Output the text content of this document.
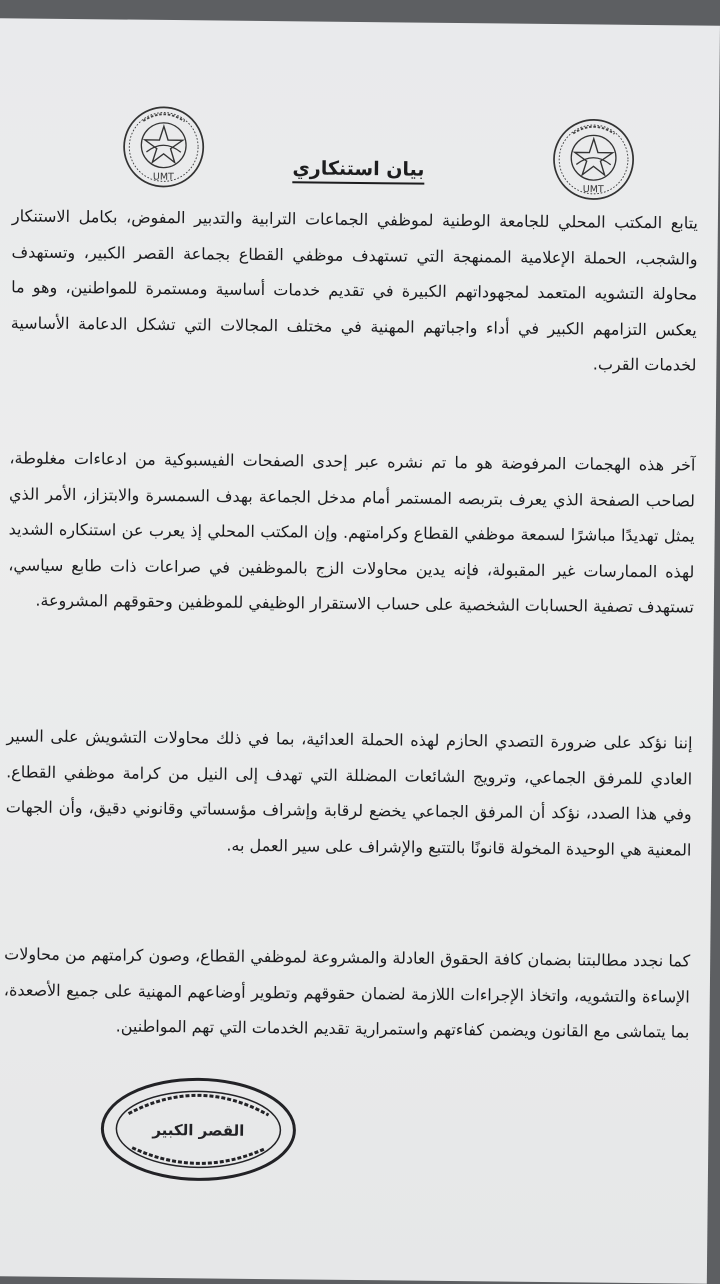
UMT
UMT
بيان استنكاري

يتابع المكتب المحلي للجامعة الوطنية لموظفي الجماعات الترابية والتدبير المفوض، بكامل الاستنكار والشجب، الحملة الإعلامية الممنهجة التي تستهدف موظفي القطاع بجماعة القصر الكبير، وتستهدف محاولة التشويه المتعمد لمجهوداتهم الكبيرة في تقديم خدمات أساسية ومستمرة للمواطنين، وهو ما يعكس التزامهم الكبير في أداء واجباتهم المهنية في مختلف المجالات التي تشكل الدعامة الأساسية لخدمات القرب.

آخر هذه الهجمات المرفوضة هو ما تم نشره عبر إحدى الصفحات الفيسبوكية من ادعاءات مغلوطة، لصاحب الصفحة الذي يعرف بتربصه المستمر أمام مدخل الجماعة بهدف السمسرة والابتزاز، الأمر الذي يمثل تهديدًا مباشرًا لسمعة موظفي القطاع وكرامتهم. وإن المكتب المحلي إذ يعرب عن استنكاره الشديد لهذه الممارسات غير المقبولة، فإنه يدين محاولات الزج بالموظفين في صراعات ذات طابع سياسي، تستهدف تصفية الحسابات الشخصية على حساب الاستقرار الوظيفي للموظفين وحقوقهم المشروعة.

إننا نؤكد على ضرورة التصدي الحازم لهذه الحملة العدائية، بما في ذلك محاولات التشويش على السير العادي للمرفق الجماعي، وترويج الشائعات المضللة التي تهدف إلى النيل من كرامة موظفي القطاع. وفي هذا الصدد، نؤكد أن المرفق الجماعي يخضع لرقابة وإشراف مؤسساتي وقانوني دقيق، وأن الجهات المعنية هي الوحيدة المخولة قانونًا بالتتبع والإشراف على سير العمل به.

كما نجدد مطالبتنا بضمان كافة الحقوق العادلة والمشروعة لموظفي القطاع، وصون كرامتهم من محاولات الإساءة والتشويه، واتخاذ الإجراءات اللازمة لضمان حقوقهم وتطوير أوضاعهم المهنية على جميع الأصعدة، بما يتماشى مع القانون ويضمن كفاءتهم واستمرارية تقديم الخدمات التي تهم المواطنين.

القصر الكبير
